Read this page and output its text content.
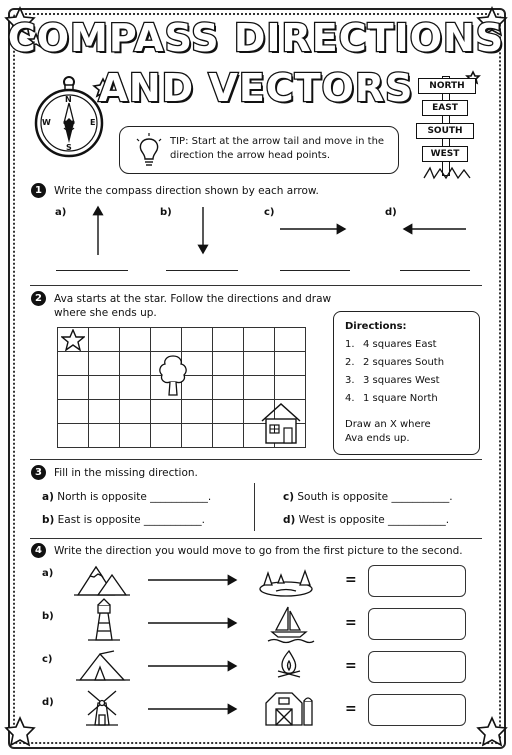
COMPASS DIRECTIONS
AND VECTORS
N
S
E
W
NORTH
EAST
SOUTH
WEST
TIP: Start at the arrow tail and move in the direction the arrow head points.
1	Write the compass direction shown by each arrow.
a)	b)	c)	d)
2	Ava starts at the star. Follow the directions and draw where she ends up.
Directions:
1. 4 squares East
2. 2 squares South
3. 3 squares West
4. 1 square North
Draw an X where Ava ends up.
3	Fill in the missing direction.
a) North is opposite ___________.
b) East is opposite ___________.
c) South is opposite ___________.
d) West is opposite ___________.
4	Write the direction you would move to go from the first picture to the second.
a)
b)
c)
d)
=
=
=
=
